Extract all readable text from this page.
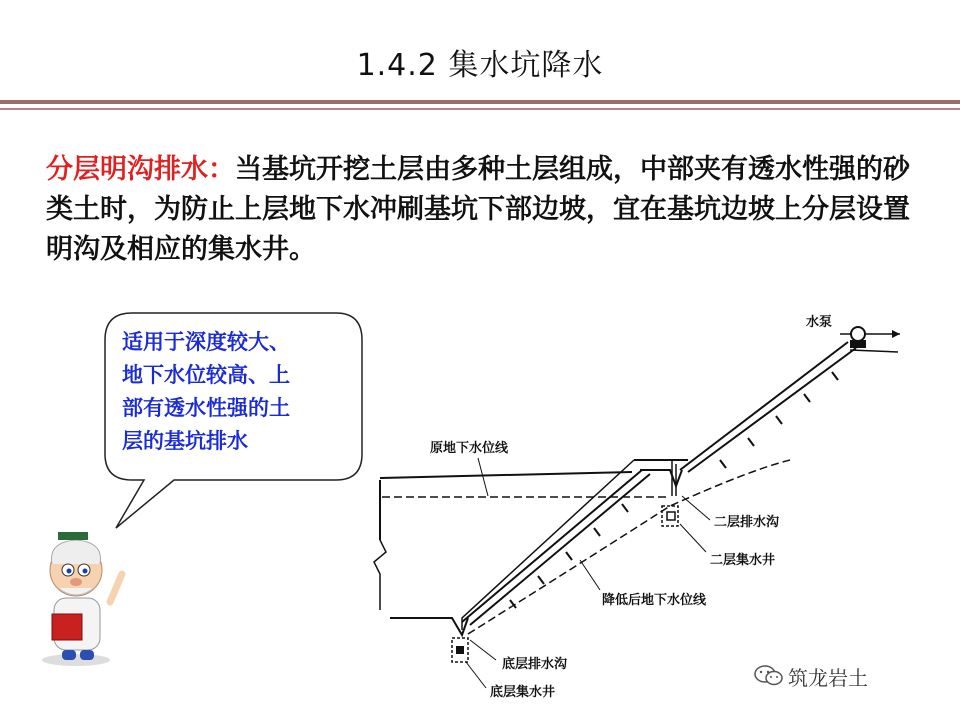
1.4.2 集水坑降水
分层明沟排水：当基坑开挖土层由多种土层组成，中部夹有透水性强的砂类土时，为防止上层地下水冲刷基坑下部边坡，宜在基坑边坡上分层设置明沟及相应的集水井。
适用于深度较大、
地下水位较高、上
部有透水性强的土
层的基坑排水
水泵
原地下水位线
二层排水沟
二层集水井
降低后地下水位线
底层排水沟
底层集水井
筑龙岩土
